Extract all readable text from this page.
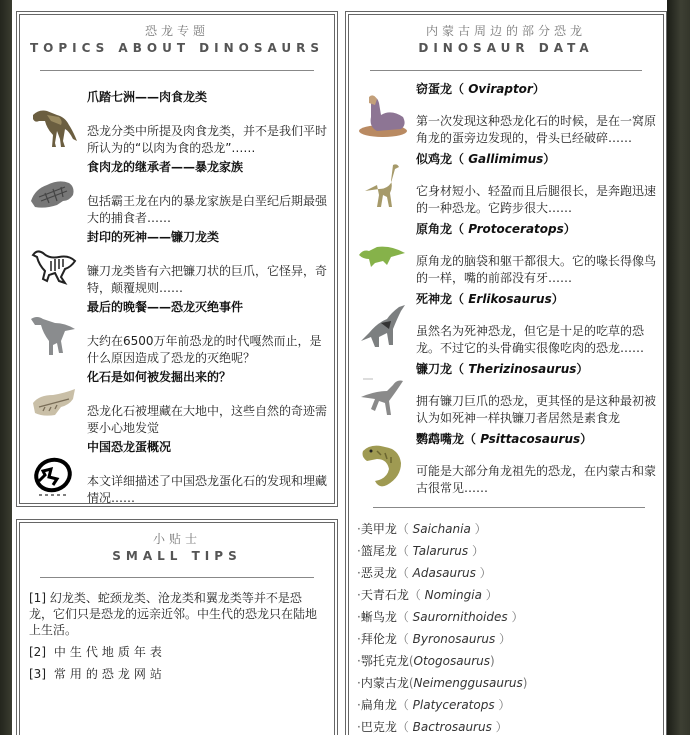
恐龙专题
TOPICS ABOUT DINOSAURS
爪踏七洲——肉食龙类
恐龙分类中所提及肉食龙类，并不是我们平时所认为的“以肉为食的恐龙”……
食肉龙的继承者——暴龙家族
包括霸王龙在内的暴龙家族是白垩纪后期最强大的捕食者……
封印的死神——镰刀龙类
镰刀龙类皆有六把镰刀状的巨爪，它怪异，奇特，颠覆规则……
最后的晚餐——恐龙灭绝事件
大约在6500万年前恐龙的时代嘎然而止，是什么原因造成了恐龙的灭绝呢？
化石是如何被发掘出来的？
恐龙化石被埋藏在大地中，这些自然的奇迹需要小心地发觉
中国恐龙蛋概况
本文详细描述了中国恐龙蛋化石的发现和埋藏情况……
小贴士
SMALL TIPS
[1] 幻龙类、蛇颈龙类、沧龙类和翼龙类等并不是恐龙，它们只是恐龙的远亲近邻。中生代的恐龙只在陆地上生活。
[2] 中生代地质年表
[3] 常用的恐龙网站
内蒙古周边的部分恐龙
DINOSAUR DATA
窃蛋龙（ Oviraptor）
第一次发现这种恐龙化石的时候，是在一窝原角龙的蛋旁边发现的，骨头已经破碎……
似鸡龙（ Gallimimus）
它身材短小、轻盈而且后腿很长，是奔跑迅速的一种恐龙。它跨步很大……
原角龙（ Protoceratops）
原角龙的脑袋和躯干都很大。它的喙长得像鸟的一样，嘴的前部没有牙……
死神龙（ Erlikosaurus）
虽然名为死神恐龙，但它是十足的吃草的恐龙。不过它的头骨确实很像吃肉的恐龙……
镰刀龙（ Therizinosaurus）
拥有镰刀巨爪的恐龙，更其怪的是这种最初被认为如死神一样执镰刀者居然是素食龙
鹦鹉嘴龙（ Psittacosaurus）
可能是大部分角龙祖先的恐龙，在内蒙古和蒙古很常见……
·美甲龙（ Saichania ）
·篮尾龙（ Talarurus ）
·恶灵龙（ Adasaurus ）
·天青石龙（ Nomingia ）
·蜥鸟龙（ Saurornithoides ）
·拜伦龙（ Byronosaurus ）
·鄂托克龙(Otogosaurus)
·内蒙古龙(Neimenggusaurus)
·扁角龙（ Platyceratops ）
·巴克龙（ Bactrosaurus ）
